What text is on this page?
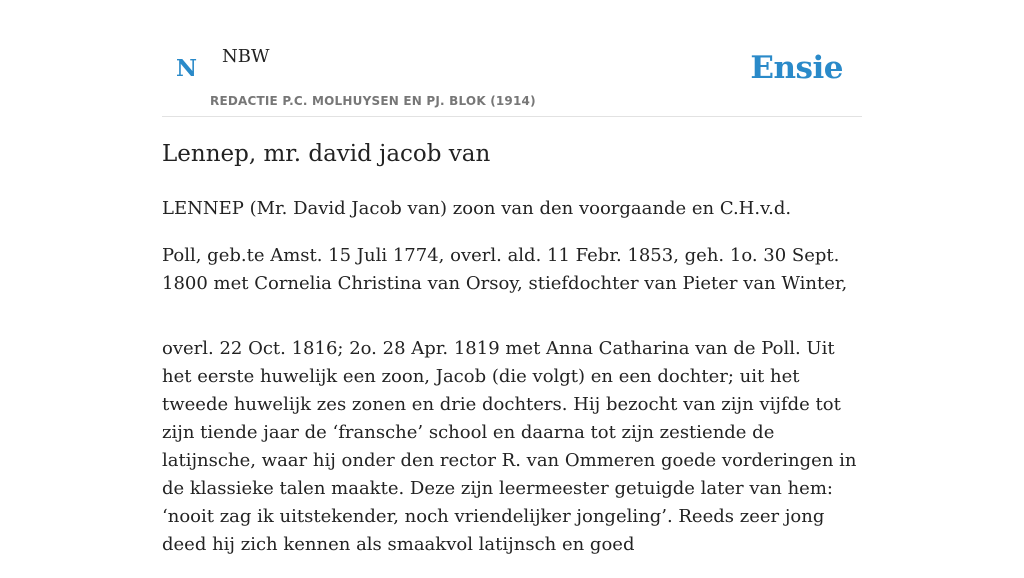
N NBW
REDACTIE P.C. MOLHUYSEN EN PJ. BLOK (1914)
Ensie
Lennep, mr. david jacob van

LENNEP (Mr. David Jacob van) zoon van den voorgaande en C.H.v.d.

Poll, geb.te Amst. 15 Juli 1774, overl. ald. 11 Febr. 1853, geh. 1o. 30 Sept. 1800 met Cornelia Christina van Orsoy, stiefdochter van Pieter van Winter,

overl. 22 Oct. 1816; 2o. 28 Apr. 1819 met Anna Catharina van de Poll. Uit het eerste huwelijk een zoon, Jacob (die volgt) en een dochter; uit het tweede huwelijk zes zonen en drie dochters. Hij bezocht van zijn vijfde tot zijn tiende jaar de ‘fransche’ school en daarna tot zijn zestiende de latijnsche, waar hij onder den rector R. van Ommeren goede vorderingen in de klassieke talen maakte. Deze zijn leermeester getuigde later van hem: ‘nooit zag ik uitstekender, noch vriendelijker jongeling’. Reeds zeer jong deed hij zich kennen als smaakvol latijnsch en goed
